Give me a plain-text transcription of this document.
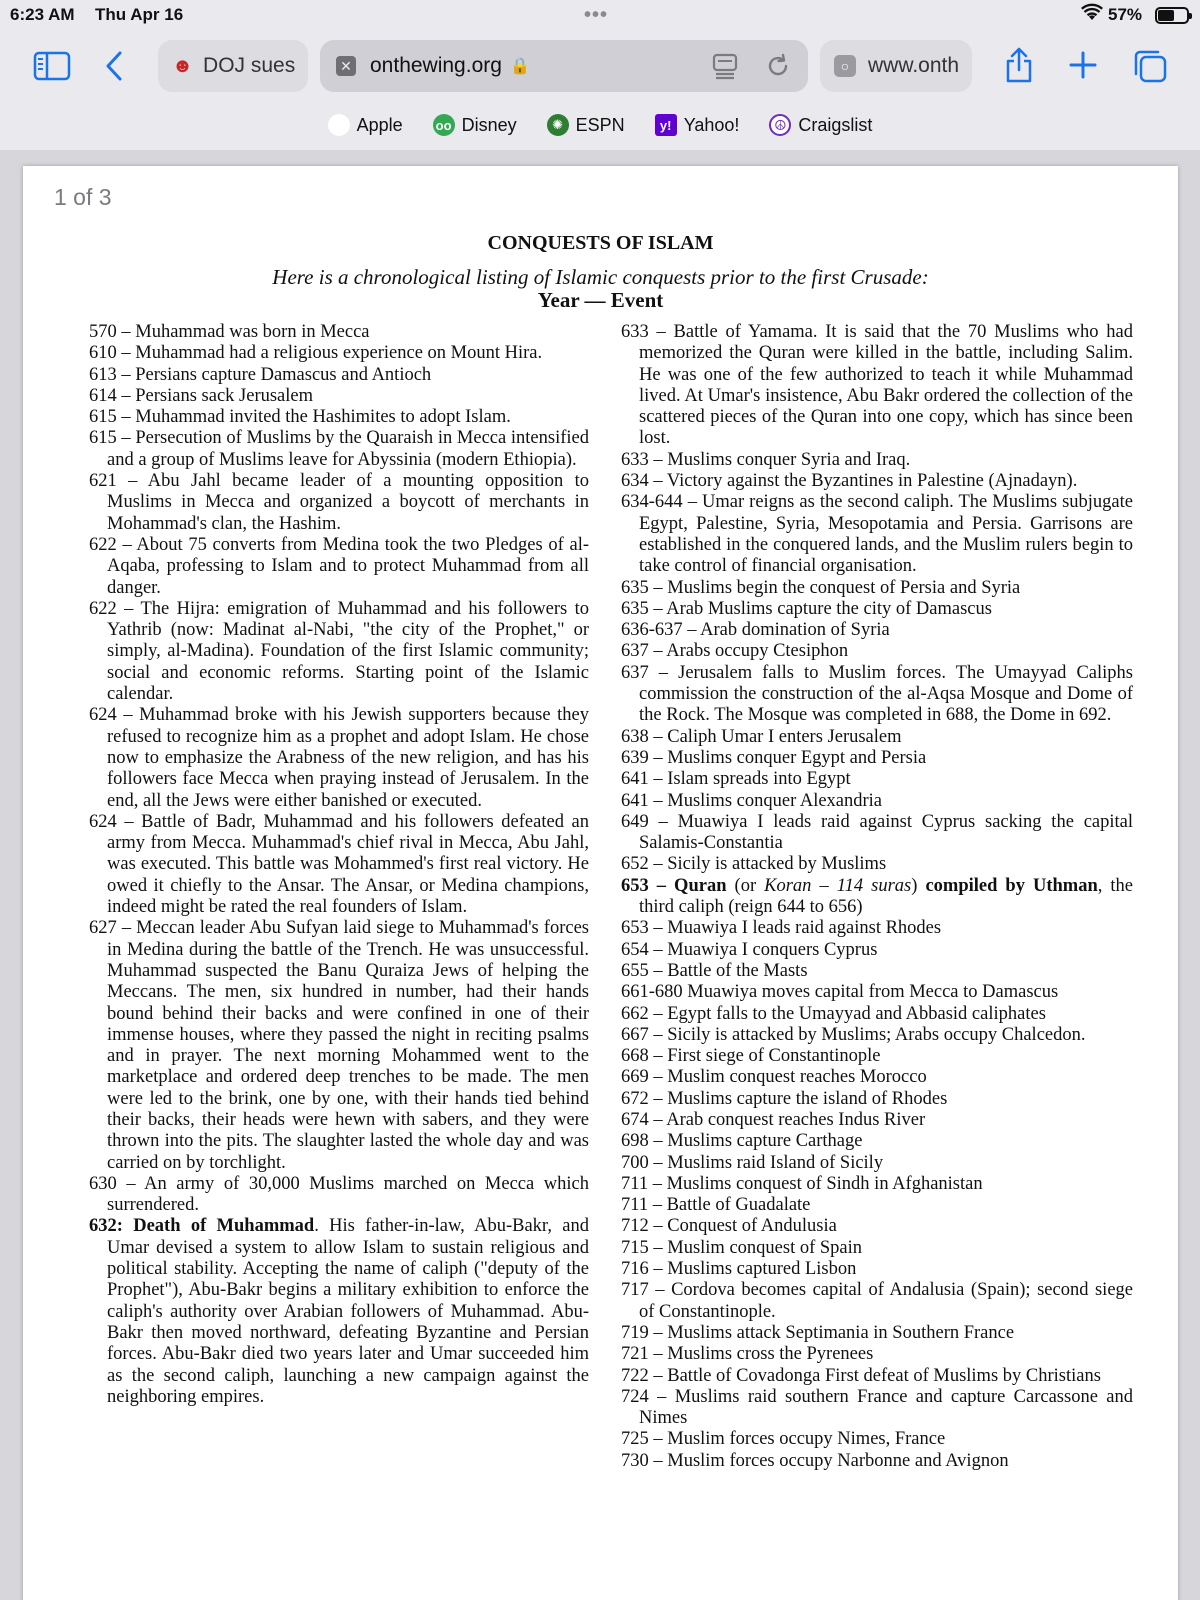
6:23 AM Thu Apr 16	•••	57%
☻ DOJ sues	✕ onthewing.org 🔒	○ www.onth
Apple	oo Disney	✺ ESPN	y! Yahoo!	☮ Craigslist
1 of 3
CONQUESTS OF ISLAM
Here is a chronological listing of Islamic conquests prior to the first Crusade:
Year — Event
570 – Muhammad was born in Mecca
610 – Muhammad had a religious experience on Mount Hira.
613 – Persians capture Damascus and Antioch
614 – Persians sack Jerusalem
615 – Muhammad invited the Hashimites to adopt Islam.
615 – Persecution of Muslims by the Quaraish in Mecca intensified and a group of Muslims leave for Abyssinia (modern Ethiopia).
621 – Abu Jahl became leader of a mounting opposition to Muslims in Mecca and organized a boycott of merchants in Mohammad's clan, the Hashim.
622 – About 75 converts from Medina took the two Pledges of al-Aqaba, professing to Islam and to protect Muhammad from all danger.
622 – The Hijra: emigration of Muhammad and his followers to Yathrib (now: Madinat al-Nabi, "the city of the Prophet," or simply, al-Madina). Foundation of the first Islamic community; social and economic reforms. Starting point of the Islamic calendar.
624 – Muhammad broke with his Jewish supporters because they refused to recognize him as a prophet and adopt Islam. He chose now to emphasize the Arabness of the new religion, and has his followers face Mecca when praying instead of Jerusalem. In the end, all the Jews were either banished or executed.
624 – Battle of Badr, Muhammad and his followers defeated an army from Mecca. Muhammad's chief rival in Mecca, Abu Jahl, was executed. This battle was Mohammed's first real victory. He owed it chiefly to the Ansar. The Ansar, or Medina champions, indeed might be rated the real founders of Islam.
627 – Meccan leader Abu Sufyan laid siege to Muhammad's forces in Medina during the battle of the Trench. He was unsuccessful. Muhammad suspected the Banu Quraiza Jews of helping the Meccans. The men, six hundred in number, had their hands bound behind their backs and were confined in one of their immense houses, where they passed the night in reciting psalms and in prayer. The next morning Mohammed went to the marketplace and ordered deep trenches to be made. The men were led to the brink, one by one, with their hands tied behind their backs, their heads were hewn with sabers, and they were thrown into the pits. The slaughter lasted the whole day and was carried on by torchlight.
630 – An army of 30,000 Muslims marched on Mecca which surrendered.
632: Death of Muhammad. His father-in-law, Abu-Bakr, and Umar devised a system to allow Islam to sustain religious and political stability. Accepting the name of caliph ("deputy of the Prophet"), Abu-Bakr begins a military exhibition to enforce the caliph's authority over Arabian followers of Muhammad. Abu-Bakr then moved northward, defeating Byzantine and Persian forces. Abu-Bakr died two years later and Umar succeeded him as the second caliph, launching a new campaign against the neighboring empires.
633 – Battle of Yamama. It is said that the 70 Muslims who had memorized the Quran were killed in the battle, including Salim. He was one of the few authorized to teach it while Muhammad lived. At Umar's insistence, Abu Bakr ordered the collection of the scattered pieces of the Quran into one copy, which has since been lost.
633 – Muslims conquer Syria and Iraq.
634 – Victory against the Byzantines in Palestine (Ajnadayn).
634-644 – Umar reigns as the second caliph. The Muslims subjugate Egypt, Palestine, Syria, Mesopotamia and Persia. Garrisons are established in the conquered lands, and the Muslim rulers begin to take control of financial organisation.
635 – Muslims begin the conquest of Persia and Syria
635 – Arab Muslims capture the city of Damascus
636-637 – Arab domination of Syria
637 – Arabs occupy Ctesiphon
637 – Jerusalem falls to Muslim forces. The Umayyad Caliphs commission the construction of the al-Aqsa Mosque and Dome of the Rock. The Mosque was completed in 688, the Dome in 692.
638 – Caliph Umar I enters Jerusalem
639 – Muslims conquer Egypt and Persia
641 – Islam spreads into Egypt
641 – Muslims conquer Alexandria
649 – Muawiya I leads raid against Cyprus sacking the capital Salamis-Constantia
652 – Sicily is attacked by Muslims
653 – Quran (or Koran – 114 suras) compiled by Uthman, the third caliph (reign 644 to 656)
653 – Muawiya I leads raid against Rhodes
654 – Muawiya I conquers Cyprus
655 – Battle of the Masts
661-680 Muawiya moves capital from Mecca to Damascus
662 – Egypt falls to the Umayyad and Abbasid caliphates
667 – Sicily is attacked by Muslims; Arabs occupy Chalcedon.
668 – First siege of Constantinople
669 – Muslim conquest reaches Morocco
672 – Muslims capture the island of Rhodes
674 – Arab conquest reaches Indus River
698 – Muslims capture Carthage
700 – Muslims raid Island of Sicily
711 – Muslims conquest of Sindh in Afghanistan
711 – Battle of Guadalate
712 – Conquest of Andulusia
715 – Muslim conquest of Spain
716 – Muslims captured Lisbon
717 – Cordova becomes capital of Andalusia (Spain); second siege of Constantinople.
719 – Muslims attack Septimania in Southern France
721 – Muslims cross the Pyrenees
722 – Battle of Covadonga First defeat of Muslims by Christians
724 – Muslims raid southern France and capture Carcassone and Nimes
725 – Muslim forces occupy Nimes, France
730 – Muslim forces occupy Narbonne and Avignon
